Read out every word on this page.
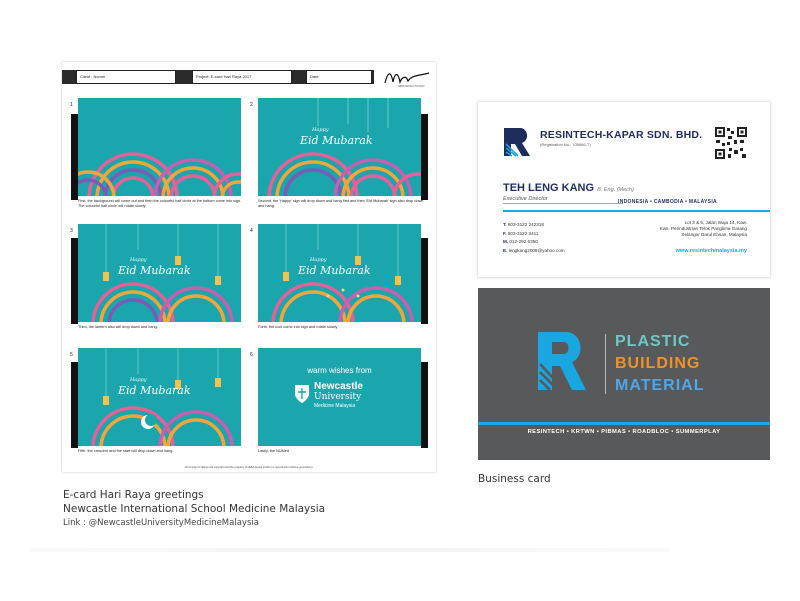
Client : Ncmm	Project: E-card Hari Raya 2017	Date
NMM DESIGN STUDIO
1	2
3	4
5	6
First, the background will come out and then the colourful half circle at the bottom come into sign. The colourful half circle will rotate slowly.
Happy
Eid Mubarak
Second, the 'Happy' sign will drop down and hang first and then 'Eid Mubarak' sign also drop down and hang.
Happy
Eid Mubarak
Third, the lantern also will drop down and hang.
Happy
Eid Mubarak
Forth, the icon come into sign and rotate slowly
Happy
Eid Mubarak
Fifth, the crescent and the start will drop down and hang.
warm wishes from
Newcastle
University
Medicine Malaysia
Lastly, the NUMed
All concept of design are copyright and the property of NMM design studio (no reproduction without permission).
E-card Hari Raya greetings
Newcastle International School Medicine Malaysia
Link : @NewcastleUniversityMedicineMalaysia
RESINTECH-KAPAR SDN. BHD.
(Registration No.: 705666-T)
TEH LENG KANG B. Eng. (Mech)
Executive Director	INDONESIA • CAMBODIA • MALAYSIA
T. 603-3122 242318
F. 603-3122 3411
M. 012-292 6350
E. lengkang2009@yahoo.com
Lot 3 & 5, Jalan Waja 14, Kaw.
Kws. Perindustrian Telok Panglima Garang
Selangor Darul Ehsan, Malaysia
www.resintechmalaysia.my
PLASTIC
BUILDING
MATERIAL
RESINTECH • KRTWN • PIBMAS • ROADBLOC • SUMMERPLAY
Business card
